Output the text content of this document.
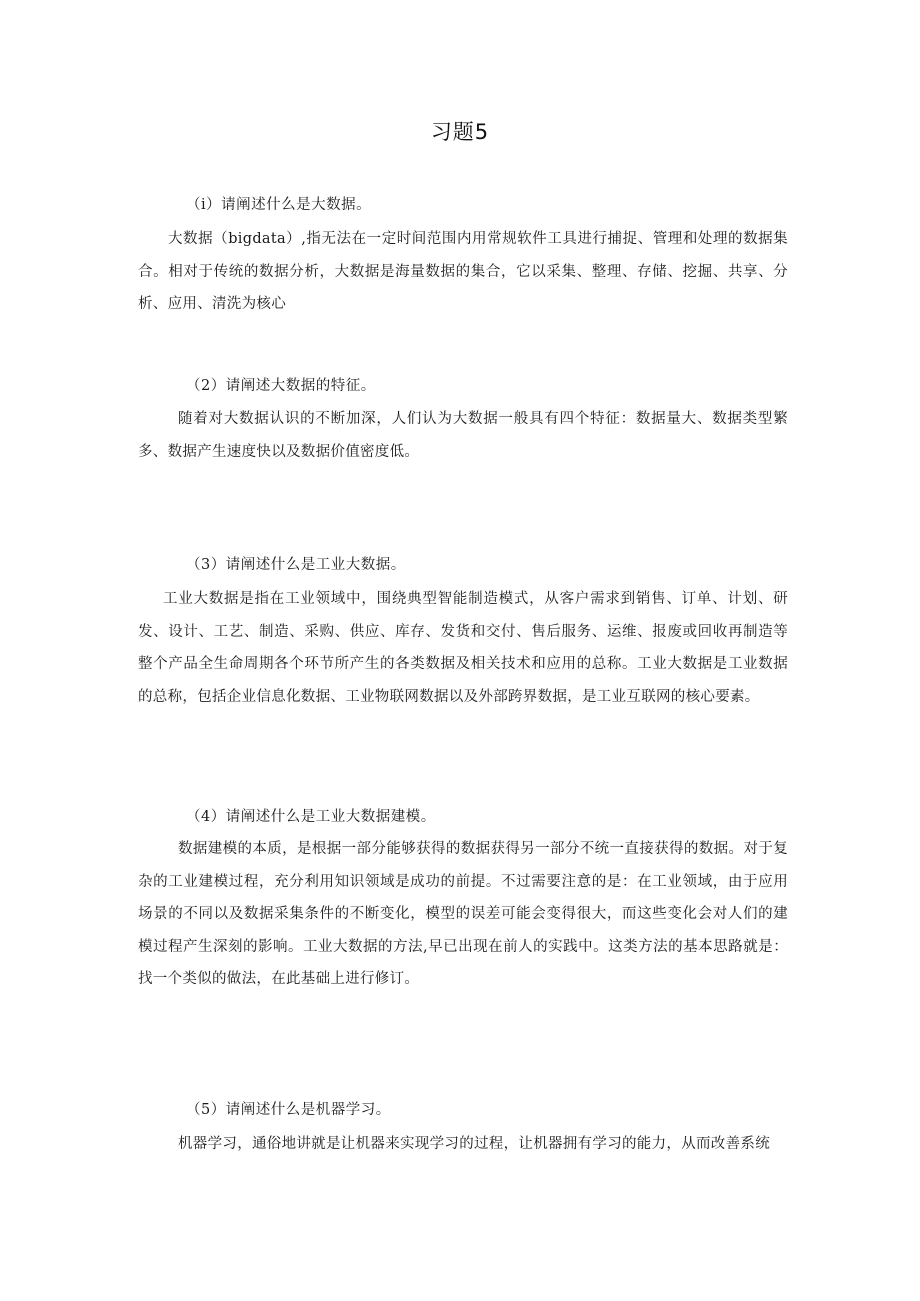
习题5
（i）请阐述什么是大数据。
大数据（bigdata）,指无法在一定时间范围内用常规软件工具进行捕捉、管理和处理的数据集合。相对于传统的数据分析，大数据是海量数据的集合，它以采集、整理、存储、挖掘、共享、分析、应用、清洗为核心
（2）请阐述大数据的特征。
随着对大数据认识的不断加深，人们认为大数据一般具有四个特征：数据量大、数据类型繁多、数据产生速度快以及数据价值密度低。
（3）请阐述什么是工业大数据。
工业大数据是指在工业领域中，围绕典型智能制造模式，从客户需求到销售、订单、计划、研发、设计、工艺、制造、采购、供应、库存、发货和交付、售后服务、运维、报废或回收再制造等整个产品全生命周期各个环节所产生的各类数据及相关技术和应用的总称。工业大数据是工业数据的总称，包括企业信息化数据、工业物联网数据以及外部跨界数据，是工业互联网的核心要素。
（4）请阐述什么是工业大数据建模。
数据建模的本质，是根据一部分能够获得的数据获得另一部分不统一直接获得的数据。对于复杂的工业建模过程，充分利用知识领域是成功的前提。不过需要注意的是：在工业领域，由于应用场景的不同以及数据采集条件的不断变化，模型的误差可能会变得很大，而这些变化会对人们的建模过程产生深刻的影响。工业大数据的方法,早已出现在前人的实践中。这类方法的基本思路就是：找一个类似的做法，在此基础上进行修订。
（5）请阐述什么是机器学习。
机器学习，通俗地讲就是让机器来实现学习的过程，让机器拥有学习的能力，从而改善系统
